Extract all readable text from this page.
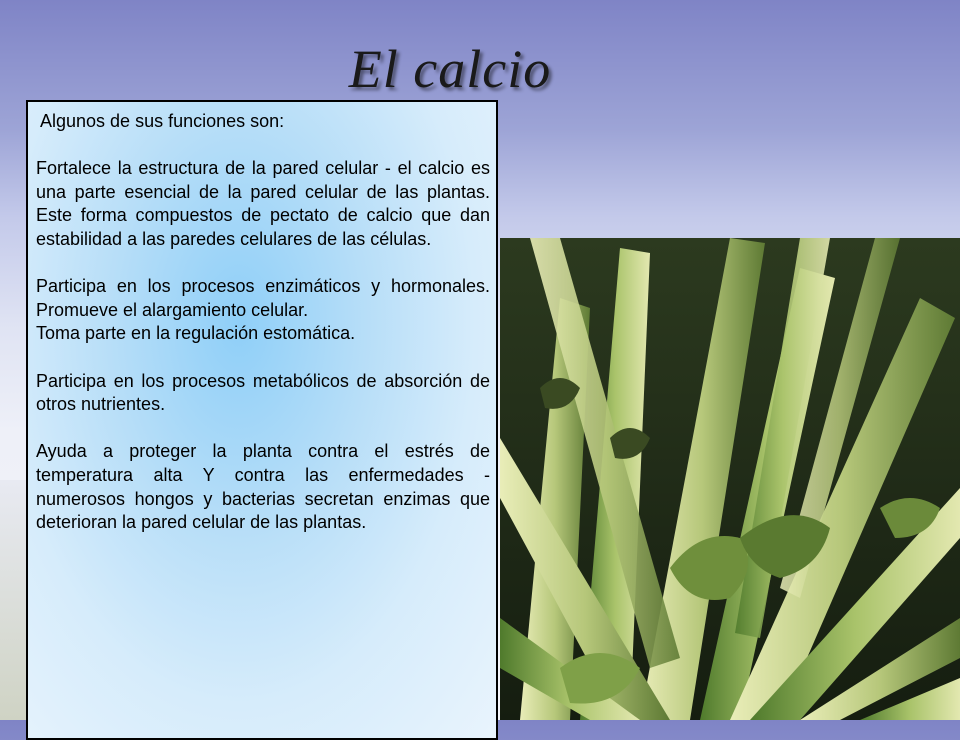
El calcio

Algunos de sus funciones son:

Fortalece la estructura de la pared celular - el calcio es una parte esencial de la pared celular de las plantas. Este forma compuestos de pectato de calcio que dan estabilidad a las paredes celulares de las células.

Participa en los procesos enzimáticos y hormonales. Promueve el alargamiento celular.

Toma parte en la regulación estomática.

Participa en los procesos metabólicos de absorción de otros nutrientes.

Ayuda a proteger la planta contra el estrés de temperatura alta Y contra las enfermedades - numerosos hongos y bacterias secretan enzimas que deterioran la pared celular de las plantas.
